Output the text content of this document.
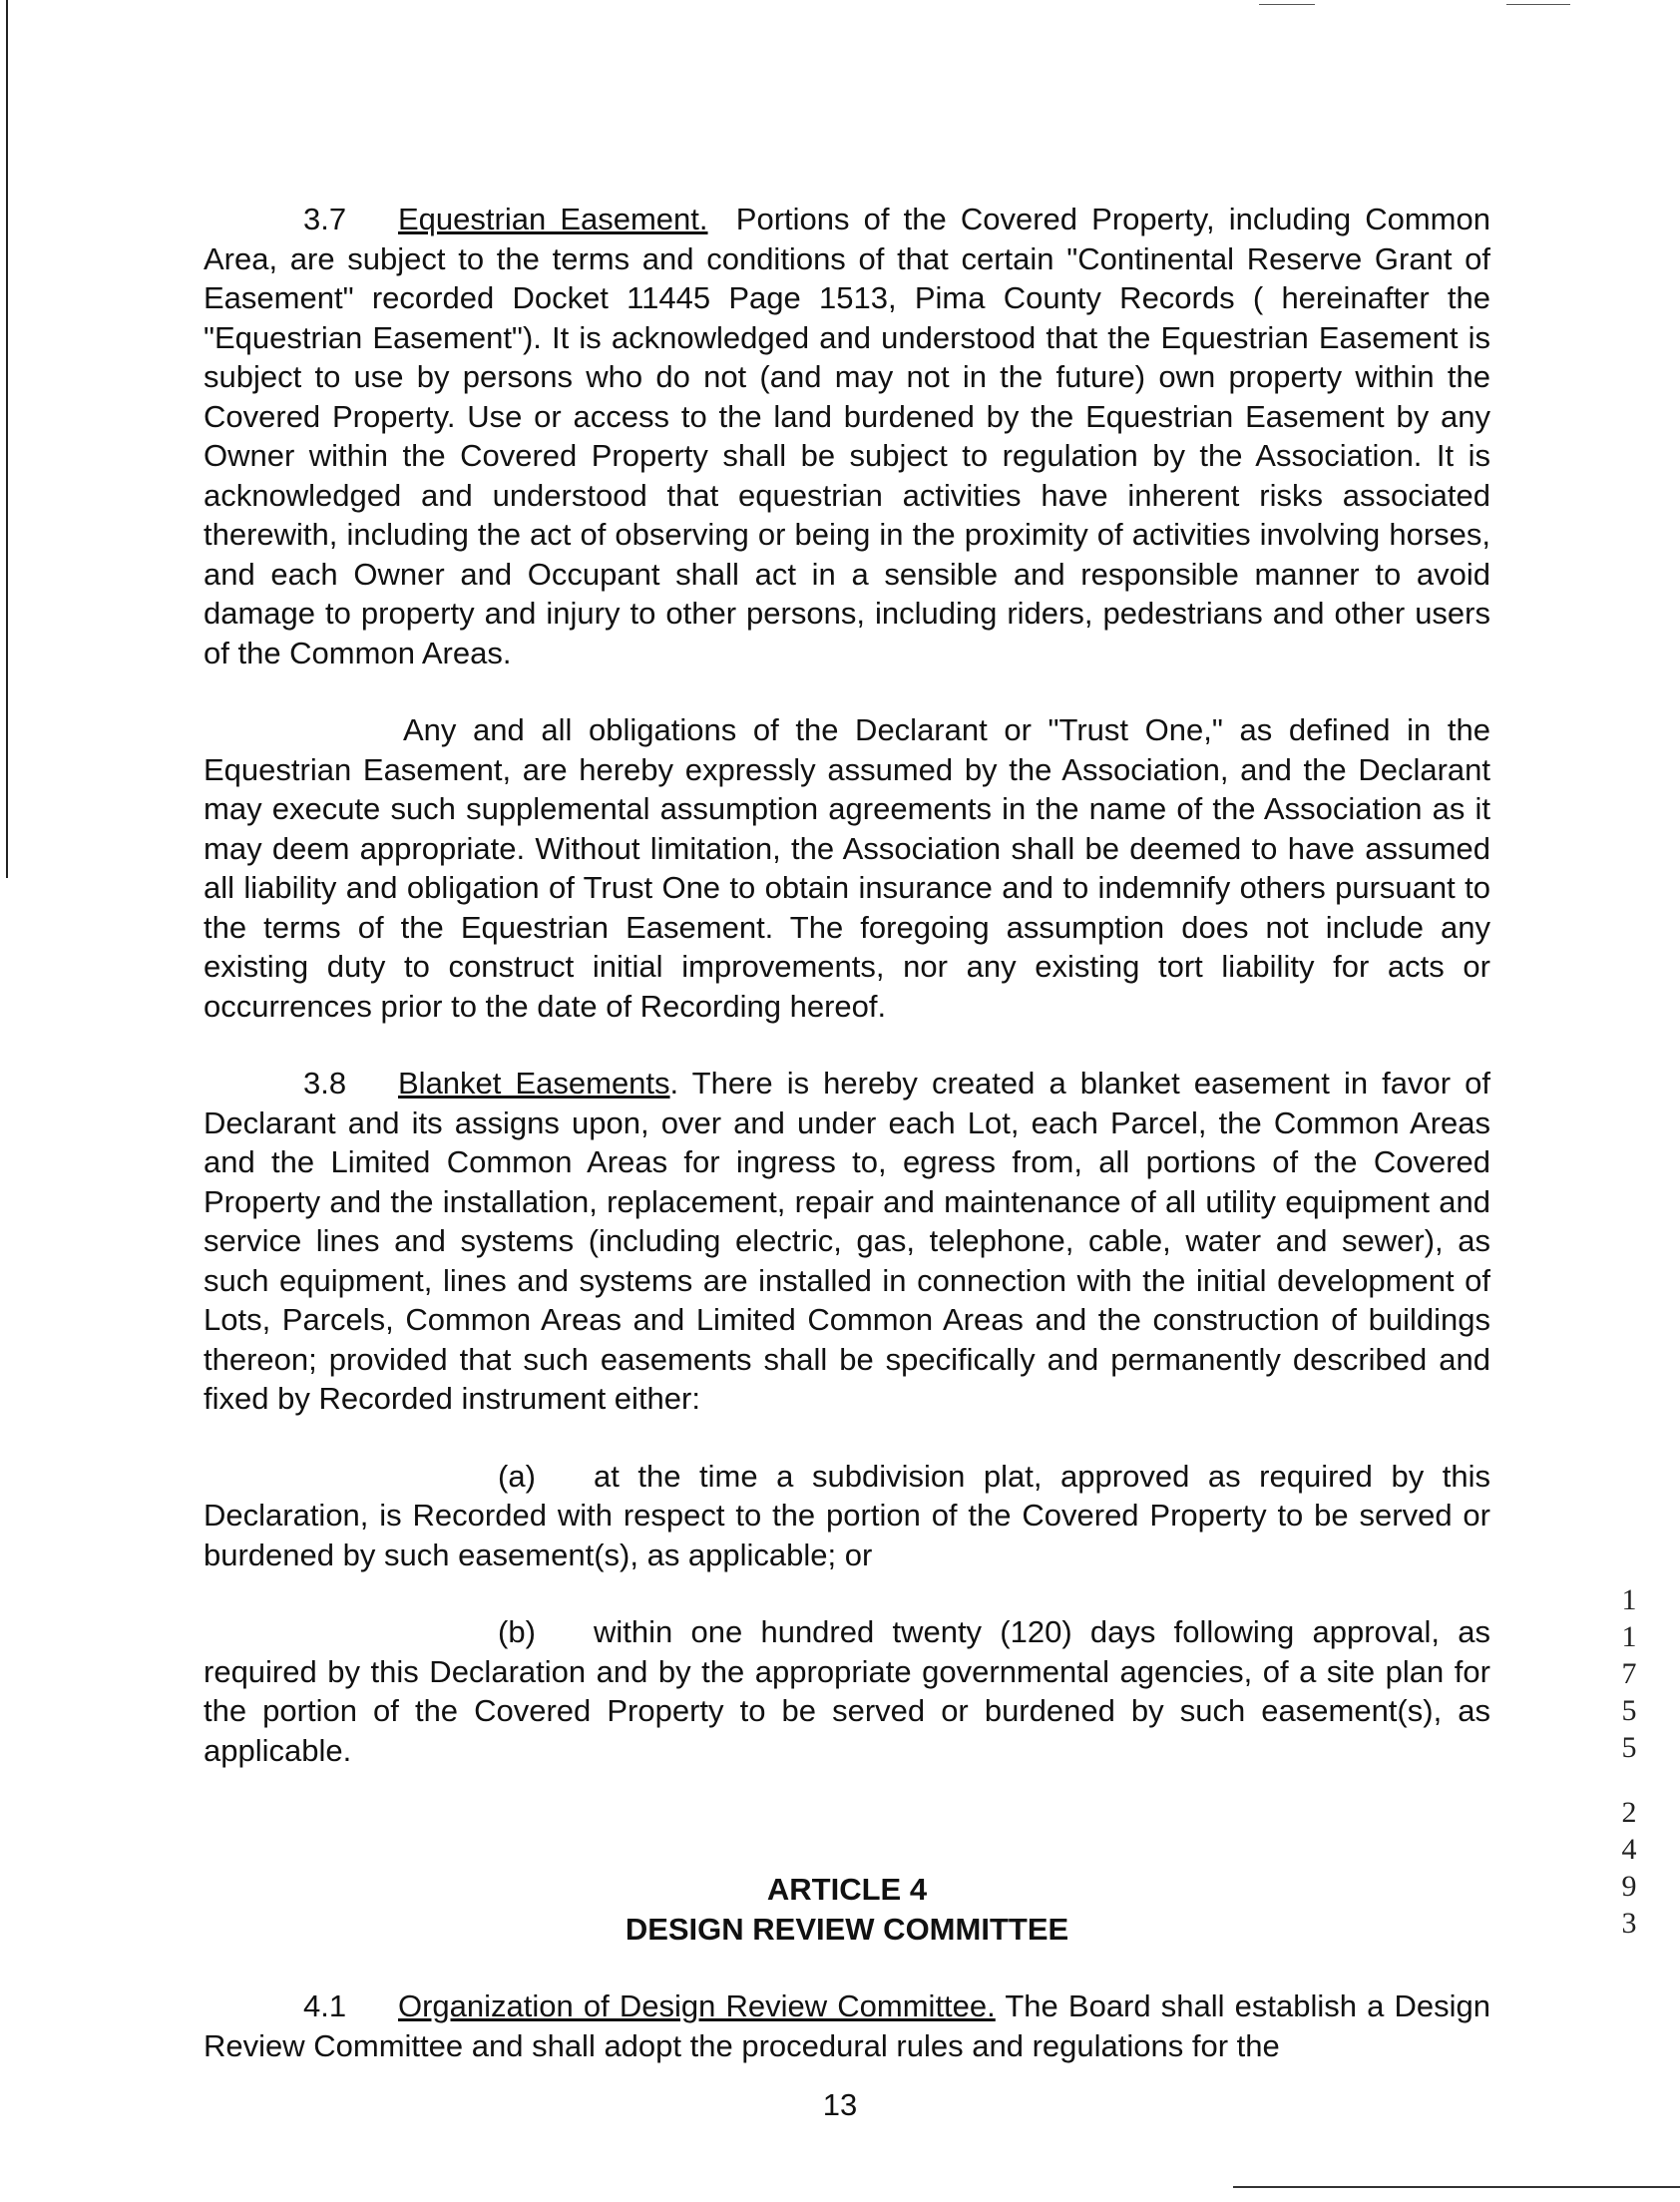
3.7 Equestrian Easement. Portions of the Covered Property, including Common Area, are subject to the terms and conditions of that certain "Continental Reserve Grant of Easement" recorded Docket 11445 Page 1513, Pima County Records ( hereinafter the "Equestrian Easement"). It is acknowledged and understood that the Equestrian Easement is subject to use by persons who do not (and may not in the future) own property within the Covered Property. Use or access to the land burdened by the Equestrian Easement by any Owner within the Covered Property shall be subject to regulation by the Association. It is acknowledged and understood that equestrian activities have inherent risks associated therewith, including the act of observing or being in the proximity of activities involving horses, and each Owner and Occupant shall act in a sensible and responsible manner to avoid damage to property and injury to other persons, including riders, pedestrians and other users of the Common Areas.

Any and all obligations of the Declarant or "Trust One," as defined in the Equestrian Easement, are hereby expressly assumed by the Association, and the Declarant may execute such supplemental assumption agreements in the name of the Association as it may deem appropriate. Without limitation, the Association shall be deemed to have assumed all liability and obligation of Trust One to obtain insurance and to indemnify others pursuant to the terms of the Equestrian Easement. The foregoing assumption does not include any existing duty to construct initial improvements, nor any existing tort liability for acts or occurrences prior to the date of Recording hereof.

3.8 Blanket Easements. There is hereby created a blanket easement in favor of Declarant and its assigns upon, over and under each Lot, each Parcel, the Common Areas and the Limited Common Areas for ingress to, egress from, all portions of the Covered Property and the installation, replacement, repair and maintenance of all utility equipment and service lines and systems (including electric, gas, telephone, cable, water and sewer), as such equipment, lines and systems are installed in connection with the initial development of Lots, Parcels, Common Areas and Limited Common Areas and the construction of buildings thereon; provided that such easements shall be specifically and permanently described and fixed by Recorded instrument either:

(a) at the time a subdivision plat, approved as required by this Declaration, is Recorded with respect to the portion of the Covered Property to be served or burdened by such easement(s), as applicable; or

(b) within one hundred twenty (120) days following approval, as required by this Declaration and by the appropriate governmental agencies, of a site plan for the portion of the Covered Property to be served or burdened by such easement(s), as applicable.

ARTICLE 4
DESIGN REVIEW COMMITTEE

4.1 Organization of Design Review Committee. The Board shall establish a Design Review Committee and shall adopt the procedural rules and regulations for the

13
1
1
7
5
5
2
4
9
3
